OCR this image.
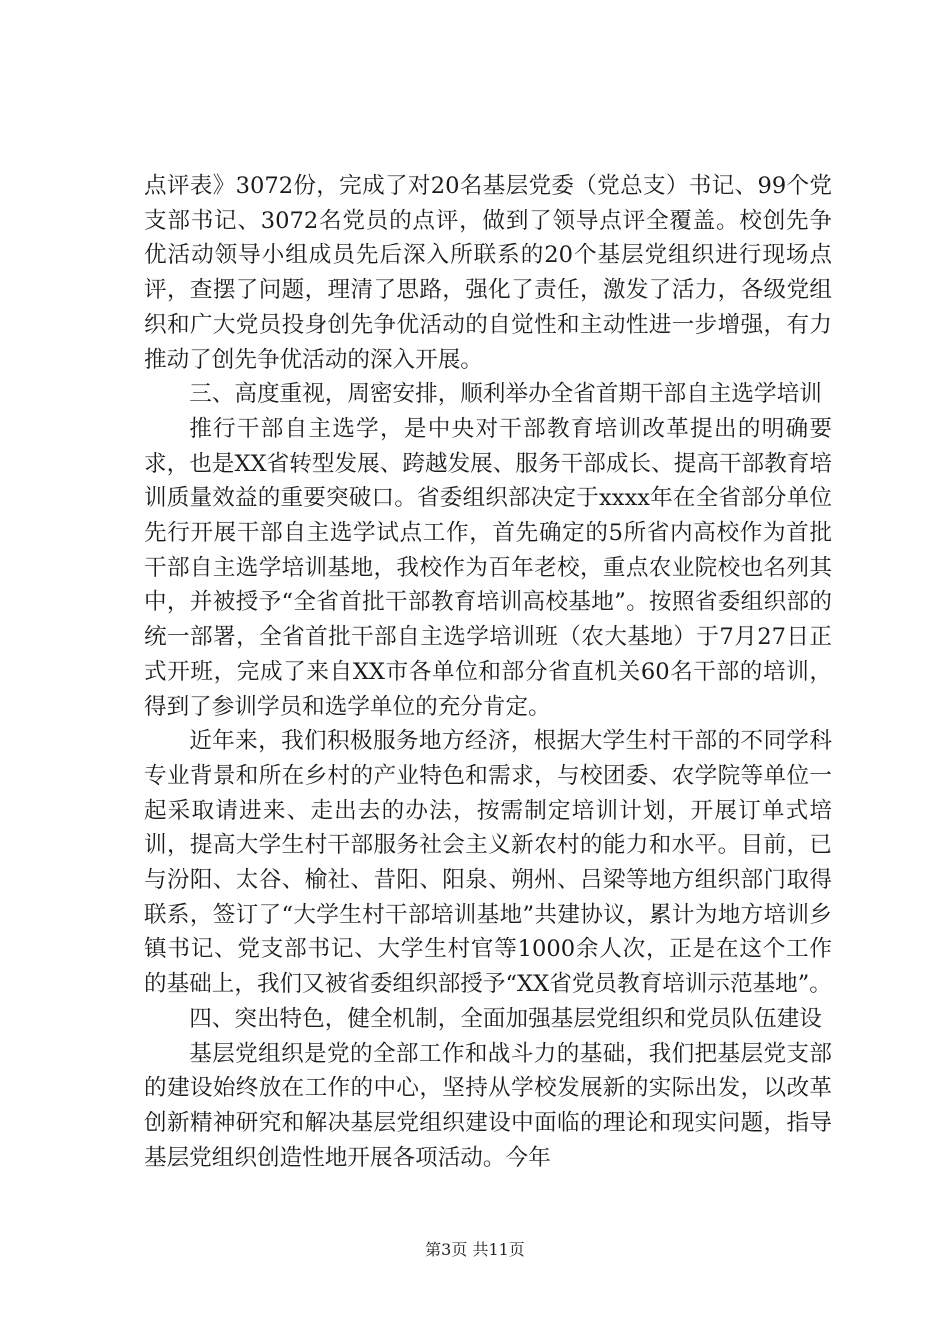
点评表》3072份，完成了对20名基层党委（党总支）书记、99个党支部书记、3072名党员的点评，做到了领导点评全覆盖。校创先争优活动领导小组成员先后深入所联系的20个基层党组织进行现场点评，查摆了问题，理清了思路，强化了责任，激发了活力，各级党组织和广大党员投身创先争优活动的自觉性和主动性进一步增强，有力推动了创先争优活动的深入开展。

三、高度重视，周密安排，顺利举办全省首期干部自主选学培训

推行干部自主选学，是中央对干部教育培训改革提出的明确要求，也是XX省转型发展、跨越发展、服务干部成长、提高干部教育培训质量效益的重要突破口。省委组织部决定于xxxx年在全省部分单位先行开展干部自主选学试点工作，首先确定的5所省内高校作为首批干部自主选学培训基地，我校作为百年老校，重点农业院校也名列其中，并被授予“全省首批干部教育培训高校基地”。按照省委组织部的统一部署，全省首批干部自主选学培训班（农大基地）于7月27日正式开班，完成了来自XX市各单位和部分省直机关60名干部的培训，得到了参训学员和选学单位的充分肯定。

近年来，我们积极服务地方经济，根据大学生村干部的不同学科专业背景和所在乡村的产业特色和需求，与校团委、农学院等单位一起采取请进来、走出去的办法，按需制定培训计划，开展订单式培训，提高大学生村干部服务社会主义新农村的能力和水平。目前，已与汾阳、太谷、榆社、昔阳、阳泉、朔州、吕梁等地方组织部门取得联系，签订了“大学生村干部培训基地”共建协议，累计为地方培训乡镇书记、党支部书记、大学生村官等1000余人次，正是在这个工作的基础上，我们又被省委组织部授予“XX省党员教育培训示范基地”。

四、突出特色，健全机制，全面加强基层党组织和党员队伍建设

基层党组织是党的全部工作和战斗力的基础，我们把基层党支部的建设始终放在工作的中心，坚持从学校发展新的实际出发，以改革创新精神研究和解决基层党组织建设中面临的理论和现实问题，指导基层党组织创造性地开展各项活动。今年

第3页 共11页
